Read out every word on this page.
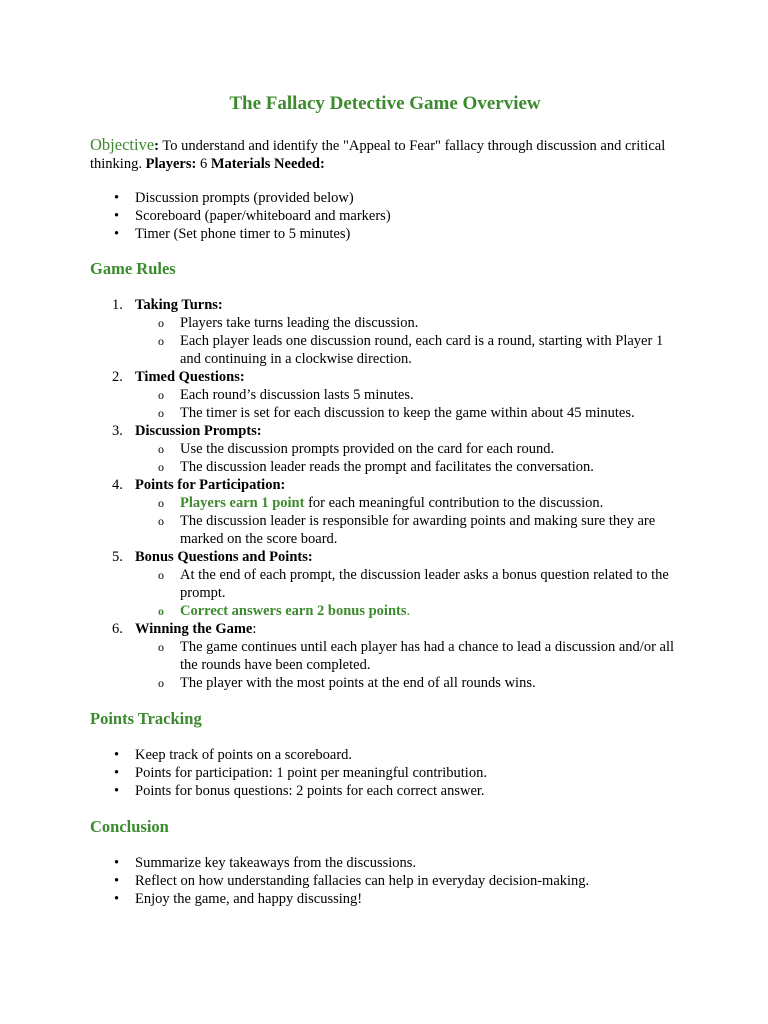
The Fallacy Detective Game Overview

Objective: To understand and identify the "Appeal to Fear" fallacy through discussion and critical thinking. Players: 6 Materials Needed:

• Discussion prompts (provided below)
• Scoreboard (paper/whiteboard and markers)
• Timer (Set phone timer to 5 minutes)
Game Rules
1. Taking Turns:
o Players take turns leading the discussion.
o Each player leads one discussion round, each card is a round, starting with Player 1 and continuing in a clockwise direction.
2. Timed Questions:
o Each round’s discussion lasts 5 minutes.
o The timer is set for each discussion to keep the game within about 45 minutes.
3. Discussion Prompts:
o Use the discussion prompts provided on the card for each round.
o The discussion leader reads the prompt and facilitates the conversation.
4. Points for Participation:
o Players earn 1 point for each meaningful contribution to the discussion.
o The discussion leader is responsible for awarding points and making sure they are marked on the score board.
5. Bonus Questions and Points:
o At the end of each prompt, the discussion leader asks a bonus question related to the prompt.
o Correct answers earn 2 bonus points.
6. Winning the Game:
o The game continues until each player has had a chance to lead a discussion and/or all the rounds have been completed.
o The player with the most points at the end of all rounds wins.
Points Tracking
• Keep track of points on a scoreboard.
• Points for participation: 1 point per meaningful contribution.
• Points for bonus questions: 2 points for each correct answer.
Conclusion
• Summarize key takeaways from the discussions.
• Reflect on how understanding fallacies can help in everyday decision-making.
• Enjoy the game, and happy discussing!
